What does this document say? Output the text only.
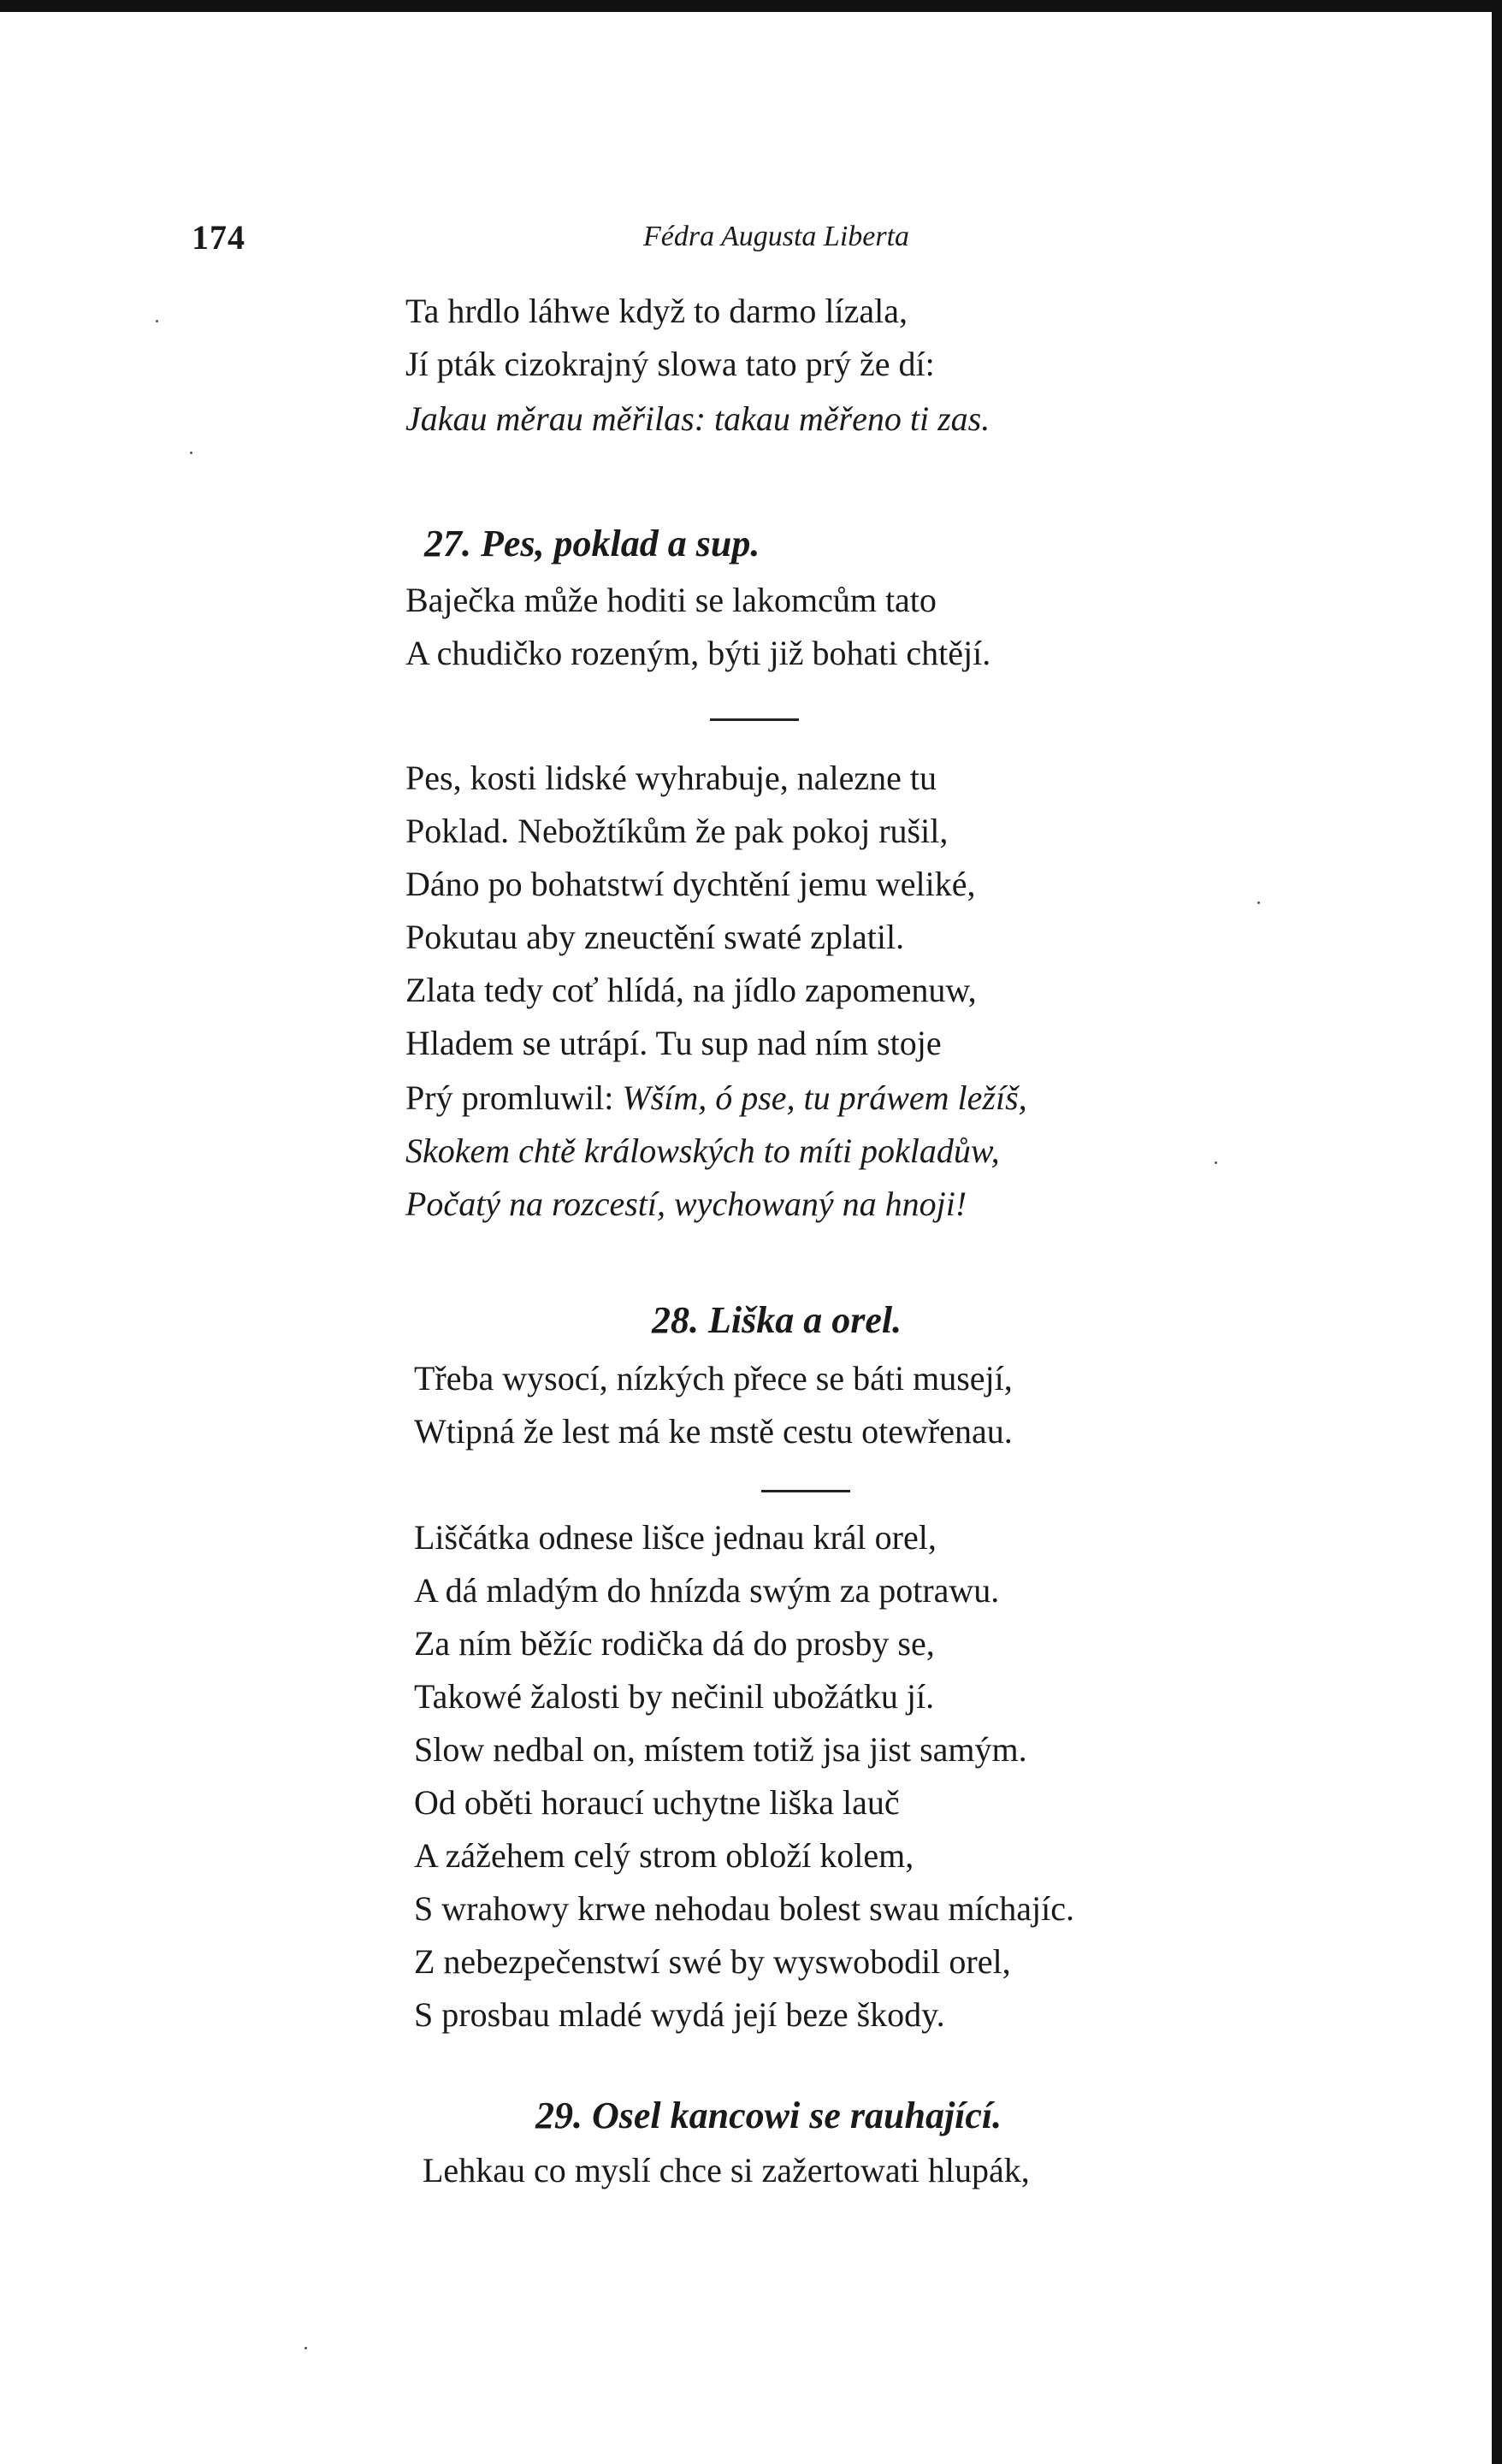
174	Fédra Augusta Liberta
Ta hrdlo láhwe když to darmo lízala,
Jí pták cizokrajný slowa tato prý že dí:
Jakau měrau měřilas: takau měřeno ti zas.
27. Pes, poklad a sup.
Baječka může hoditi se lakomcům tato
A chudičko rozeným, býti již bohati chtějí.
Pes, kosti lidské wyhrabuje, nalezne tu
Poklad. Nebožtíkům že pak pokoj rušil,
Dáno po bohatstwí dychtění jemu weliké,
Pokutau aby zneuctění swaté zplatil.
Zlata tedy coť hlídá, na jídlo zapomenuw,
Hladem se utrápí. Tu sup nad ním stoje
Prý promluwil: Wším, ó pse, tu práwem ležíš,
Skokem chtě králowských to míti pokladůw,
Počatý na rozcestí, wychowaný na hnoji!
28. Liška a orel.
Třeba wysocí, nízkých přece se báti musejí,
Wtipná že lest má ke mstě cestu otewřenau.
Liščátka odnese lišce jednau král orel,
A dá mladým do hnízda swým za potrawu.
Za ním běžíc rodička dá do prosby se,
Takowé žalosti by nečinil ubožátku jí.
Slow nedbal on, místem totiž jsa jist samým.
Od oběti horaucí uchytne liška lauč
A zážehem celý strom obloží kolem,
S wrahowy krwe nehodau bolest swau míchajíc.
Z nebezpečenstwí swé by wyswobodil orel,
S prosbau mladé wydá její beze škody.
29. Osel kancowi se rauhající.
Lehkau co myslí chce si zažertowati hlupák,
